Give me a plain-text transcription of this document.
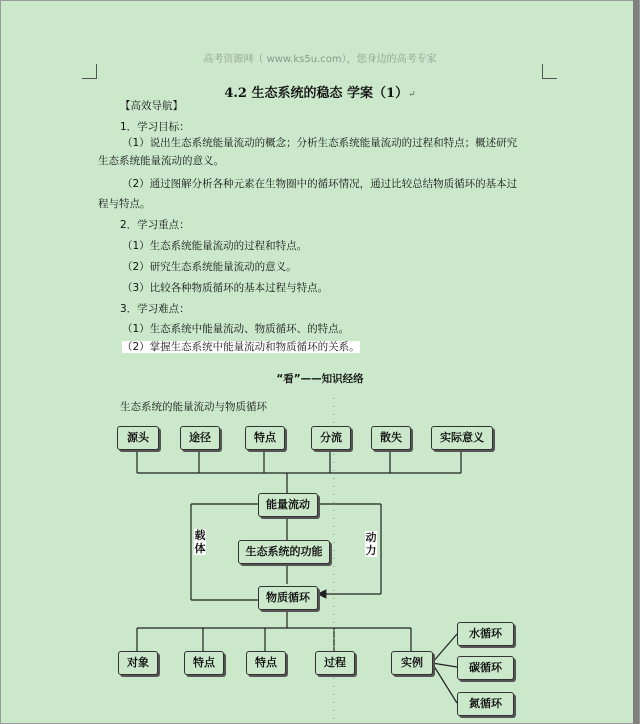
高考资源网（ www.ks5u.com），您身边的高考专家
4.2 生态系统的稳态 学案（1）↵
【高效导航】
1．学习目标：
（1）说出生态系统能量流动的概念；分析生态系统能量流动的过程和特点；概述研究
生态系统能量流动的意义。
（2）通过图解分析各种元素在生物圈中的循环情况，通过比较总结物质循环的基本过
程与特点。
2．学习重点：
（1）生态系统能量流动的过程和特点。
（2）研究生态系统能量流动的意义。
（3）比较各种物质循环的基本过程与特点。
3．学习难点：
（1）生态系统中能量流动、物质循环、的特点。
（2）掌握生态系统中能量流动和物质循环的关系。
“看”——知识经络
生态系统的能量流动与物质循环
源头	途径	特点	分流	散失	实际意义
能量流动
生态系统的功能
物质循环
载体
动力
对象	特点	特点	过程	实例
水循环
碳循环
氮循环
